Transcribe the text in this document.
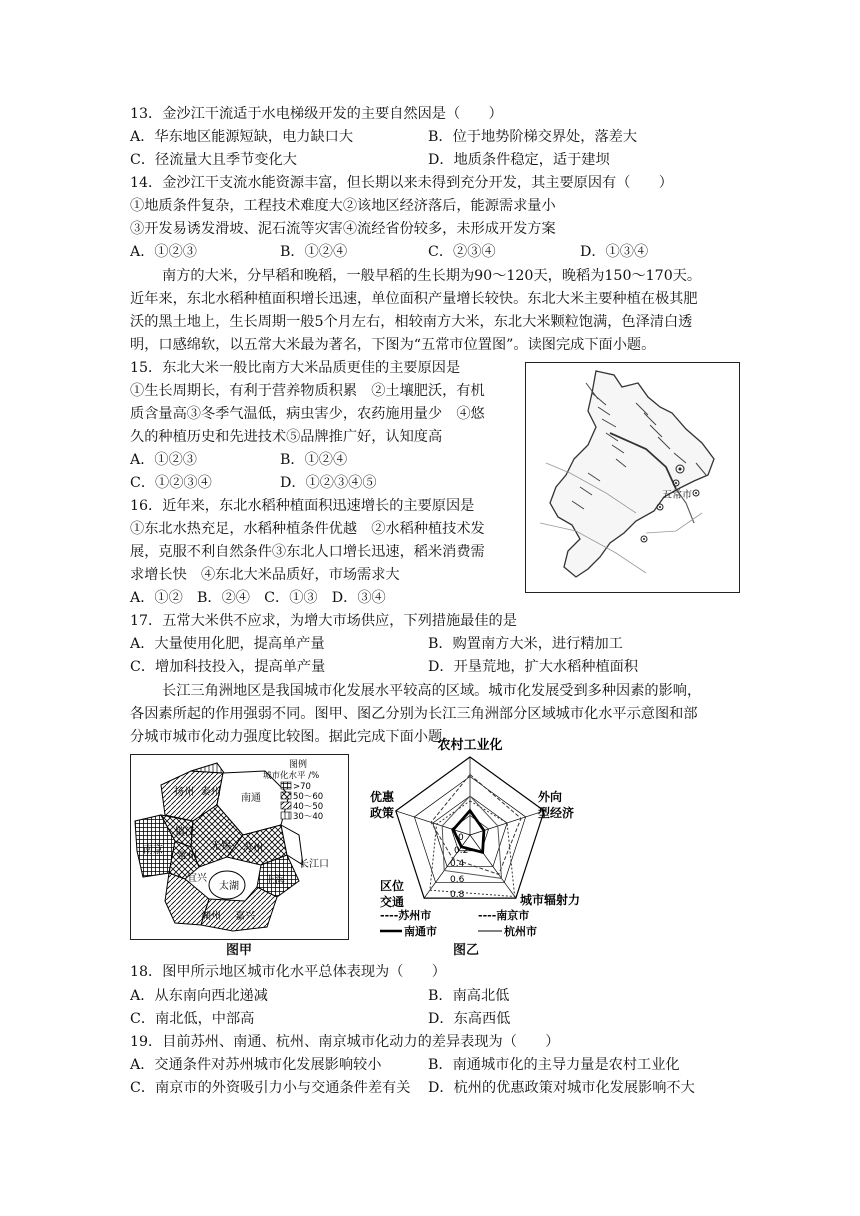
13．金沙江干流适于水电梯级开发的主要自然因是（　　）
A．华东地区能源短缺，电力缺口大	B．位于地势阶梯交界处，落差大
C．径流量大且季节变化大	D．地质条件稳定，适于建坝
14．金沙江干支流水能资源丰富，但长期以来未得到充分开发，其主要原因有（　　）
①地质条件复杂，工程技术难度大②该地区经济落后，能源需求量小
③开发易诱发滑坡、泥石流等灾害④流经省份较多，未形成开发方案
A．①②③	B．①②④	C．②③④	D．①③④
南方的大米，分早稻和晚稻，一般早稻的生长期为90～120天，晚稻为150～170天。
近年来，东北水稻种植面积增长迅速，单位面积产量增长较快。东北大米主要种植在极其肥
沃的黑土地上，生长周期一般5个月左右，相较南方大米，东北大米颗粒饱满，色泽清白透
明，口感绵软，以五常大米最为著名，下图为“五常市位置图”。读图完成下面小题。
15．东北大米一般比南方大米品质更佳的主要原因是
①生长周期长，有利于营养物质积累　②土壤肥沃，有机
质含量高③冬季气温低，病虫害少，农药施用量少　④悠
久的种植历史和先进技术⑤品牌推广好，认知度高
A．①②③	B．①②④
C．①②③④	D．①②③④⑤
16．近年来，东北水稻种植面积迅速增长的主要原因是
①东北水热充足，水稻种植条件优越　②水稻种植技术发
展，克服不利自然条件③东北人口增长迅速，稻米消费需
求增长快　④东北大米品质好，市场需求大
A．①②　B．②④　C．①③　D．③④
五常市
17．五常大米供不应求，为增大市场供应，下列措施最佳的是
A．大量使用化肥，提高单产量	B．购置南方大米，进行精加工
C．增加科技投入，提高单产量	D．开垦荒地，扩大水稻种植面积
长江三角洲地区是我国城市化发展水平较高的区域。城市化发展受到多种因素的影响，
各因素所起的作用强弱不同。图甲、图乙分别为长江三角洲部分区域城市化水平示意图和部
分城市城市化动力强度比较图。据此完成下面小题。
扬州 泰州
南通
南京
镇江
常州
无锡 苏州
宜兴
太湖
上海
长江口
湖州 嘉兴
图例
城市化水平 /%
>70
50～60
40～50
30～40
图甲
农村工业化
外向
型经济
城市辐射力
区位
交通
优惠
政策
0
0.2
0.4
0.6
0.8
----苏州市	----南京市
南通市	杭州市
图乙
18．图甲所示地区城市化水平总体表现为（　　）
A．从东南向西北递减	B．南高北低
C．南北低，中部高	D．东高西低
19．目前苏州、南通、杭州、南京城市化动力的差异表现为（　　）
A．交通条件对苏州城市化发展影响较小	B．南通城市化的主导力量是农村工业化
C．南京市的外资吸引力小与交通条件差有关 D．杭州的优惠政策对城市化发展影响不大
